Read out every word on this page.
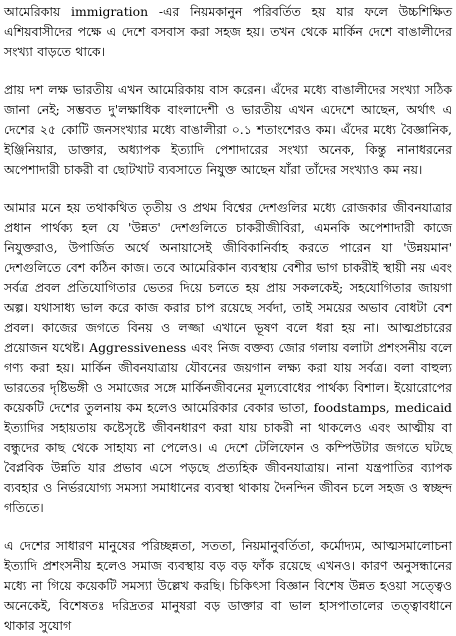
আমেরিকায় immigration -এর নিয়মকানুন পরিবর্তিত হয় যার ফলে উচ্চশিক্ষিত এশিয়বাসীদের পক্ষে এ দেশে বসবাস করা সহজ হয়। তখন থেকে মার্কিন দেশে বাঙালীদের সংখ্যা বাড়তে থাকে।

প্রায় দশ লক্ষ ভারতীয় এখন আমেরিকায় বাস করেন। এঁদের মধ্যে বাঙালীদের সংখ্যা সঠিক জানা নেই; সম্ভবত দু'লক্ষাধিক বাংলাদেশী ও ভারতীয় এখন এদেশে আছেন, অর্থাৎ এ দেশের ২৫ কোটি জনসংখ্যার মধ্যে বাঙালীরা ০.১ শতাংশেরও কম। এঁদের মধ্যে বৈজ্ঞানিক, ইঞ্জিনিয়ার, ডাক্তার, অধ্যাপক ইত্যাদি পেশাদারের সংখ্যা অনেক, কিন্তু নানাধরনের অপেশাদারী চাকরী বা ছোটখাট ব্যবসাতে নিযুক্ত আছেন যাঁরা তাঁদের সংখ্যাও কম নয়।

আমার মনে হয় তথাকথিত তৃতীয় ও প্রথম বিশ্বের দেশগুলির মধ্যে রোজকার জীবনযাত্রার প্রধান পার্থক্য হল যে 'উন্নত' দেশগুলিতে চাকরীজীবিরা, এমনকি অপেশাদারী কাজে নিযুক্তরাও, উপার্জিত অর্থে অনায়াসেই জীবিকানির্বাহ করতে পারেন যা 'উন্নয়মান' দেশগুলিতে বেশ কঠিন কাজ। তবে আমেরিকান ব্যবস্থায় বেশীর ভাগ চাকরীই স্থায়ী নয় এবং সর্বত্র প্রবল প্রতিযোগিতার ভেতর দিয়ে চলতে হয় প্রায় সকলকেই; সহযোগিতার জায়গা অল্প। যথাসাধ্য ভাল করে কাজ করার চাপ রয়েছে সর্বদা, তাই সময়ের অভাব বোধটা বেশ প্রবল। কাজের জগতে বিনয় ও লজ্জা এখানে ভূষণ বলে ধরা হয় না। আত্মপ্রচারের প্রয়োজন যথেষ্ট। Aggressiveness এবং নিজ বক্তব্য জোর গলায় বলাটা প্রশংসনীয় বলে গণ্য করা হয়। মার্কিন জীবনযাত্রায় যৌবনের জয়গান লক্ষ্য করা যায় সর্বত্র। বলা বাহুল্য ভারতের দৃষ্টিভঙ্গী ও সমাজের সঙ্গে মার্কিনজীবনের মূল্যবোধের পার্থক্য বিশাল। ইয়োরোপের কয়েকটি দেশের তুলনায় কম হলেও আমেরিকার বেকার ভাতা, foodstamps, medicaid ইত্যাদির সহায়তায় কষ্টেসৃষ্টে জীবনধারণ করা যায় চাকরী না থাকলেও এবং আত্মীয় বা বন্ধুদের কাছ থেকে সাহায্য না পেলেও। এ দেশে টেলিফোন ও কম্পিউটার জগতে ঘটছে বৈপ্লবিক উন্নতি যার প্রভাব এসে পড়ছে প্রত্যহিক জীবনযাত্রায়। নানা যন্ত্রপাতির ব্যাপক ব্যবহার ও নির্ভরযোগ্য সমস্যা সমাধানের ব্যবস্থা থাকায় দৈনন্দিন জীবন চলে সহজ ও স্বচ্ছন্দ গতিতে।

এ দেশের সাধারণ মানুষের পরিচ্ছন্নতা, সততা, নিয়মানুবর্তিতা, কর্মোদ্যম, আত্মসমালোচনা ইত্যাদি প্রশংসনীয় হলেও সমাজ ব্যবস্থায় বড় বড় ফাঁক রয়েছে এখনও। কারণ অনুসন্ধানের মধ্যে না গিয়ে কয়েকটি সমস্যা উল্লেখ করছি। চিকিৎসা বিজ্ঞান বিশেষ উন্নত হওয়া সত্ত্বেও অনেকেই, বিশেষতঃ দরিদ্রতর মানুষরা বড় ডাক্তার বা ভাল হাসপাতালের তত্ত্বাবধানে থাকার সুযোগ
